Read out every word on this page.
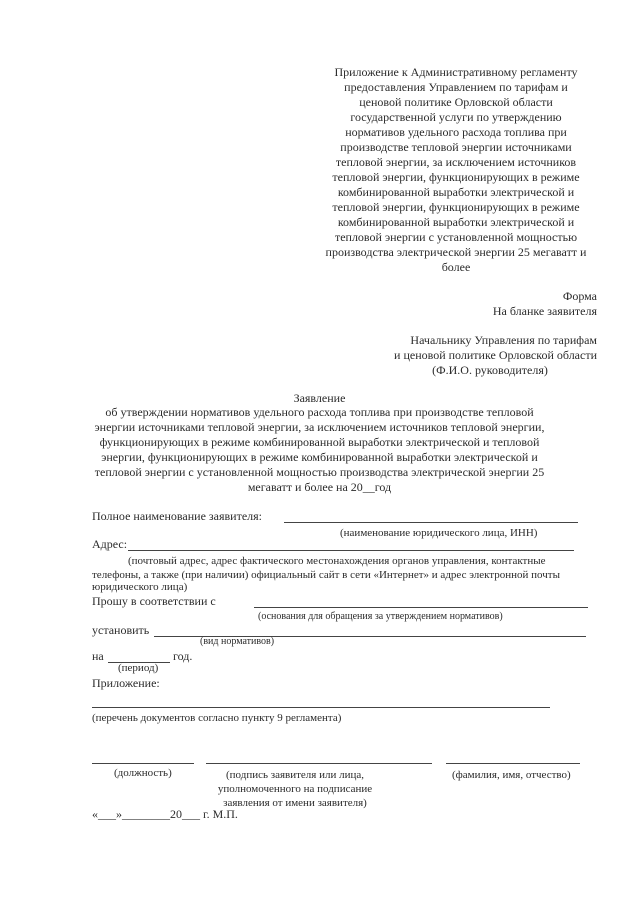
Приложение к Административному регламенту
предоставления Управлением по тарифам и
ценовой политике Орловской области
государственной услуги по утверждению
нормативов удельного расхода топлива при
производстве тепловой энергии источниками
тепловой энергии, за исключением источников
тепловой энергии, функционирующих в режиме
комбинированной выработки электрической и
тепловой энергии, функционирующих в режиме
комбинированной выработки электрической и
тепловой энергии с установленной мощностью
производства электрической энергии 25 мегаватт и
более
Форма
На бланке заявителя
Начальнику Управления по тарифам
и ценовой политике Орловской области
(Ф.И.О. руководителя)
Заявление
об утверждении нормативов удельного расхода топлива при производстве тепловой
энергии источниками тепловой энергии, за исключением источников тепловой энергии,
функционирующих в режиме комбинированной выработки электрической и тепловой
энергии, функционирующих в режиме комбинированной выработки электрической и
тепловой энергии с установленной мощностью производства электрической энергии 25
мегаватт и более на 20__год
Полное наименование заявителя:
(наименование юридического лица, ИНН)
Адрес:
(почтовый адрес, адрес фактического местонахождения органов управления, контактные
телефоны, а также (при наличии) официальный сайт в сети «Интернет» и адрес электронной почты
юридического лица)
Прошу в соответствии с
(основания для обращения за утверждением нормативов)
установить
(вид нормативов)
на	год.
(период)
Приложение:
(перечень документов согласно пункту 9 регламента)
(должность)	(подпись заявителя или лица,
уполномоченного на подписание
заявления от имени заявителя)
(фамилия, имя, отчество)
«___»________20___ г. М.П.
